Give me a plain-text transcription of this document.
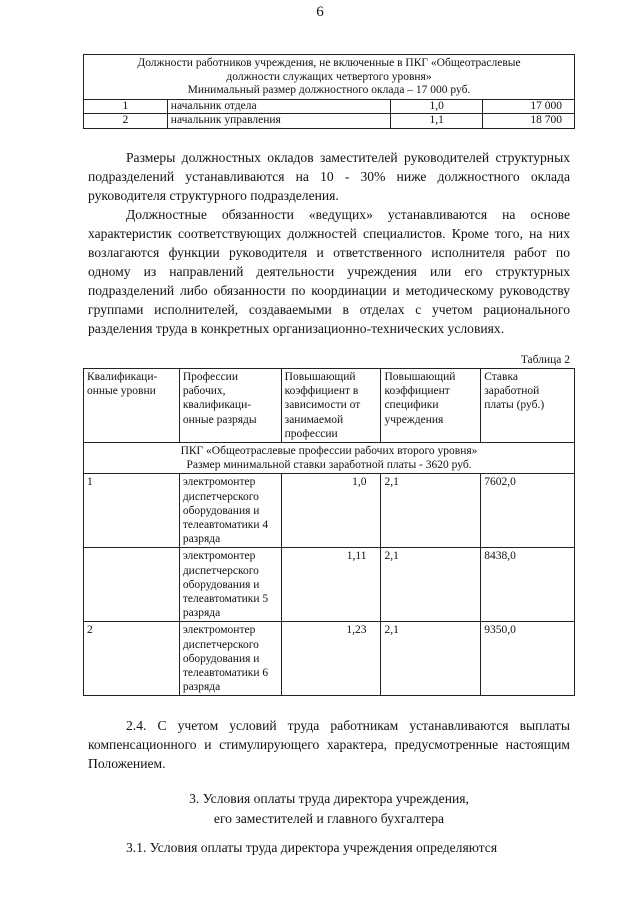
6
Должности работников учреждения, не включенные в ПКГ «Общеотраслевые
должности служащих четвертого уровня»
Минимальный размер должностного оклада – 17 000 руб.			

1	начальник отдела	1,0	17 000
2	начальник управления	1,1	18 700

Размеры должностных окладов заместителей руководителей структурных подразделений устанавливаются на 10 - 30% ниже должностного оклада руководителя структурного подразделения.

Должностные обязанности «ведущих» устанавливаются на основе характеристик соответствующих должностей специалистов. Кроме того, на них возлагаются функции руководителя и ответственного исполнителя работ по одному из направлений деятельности учреждения или его структурных подразделений либо обязанности по координации и методическому руководству группами исполнителей, создаваемыми в отделах с учетом рационального разделения труда в конкретных организационно-технических условиях.

Таблица 2
Квалификаци-онные уровни	Профессии рабочих, квалификаци-онные разряды	Повышающий коэффициент в зависимости от занимаемой профессии	Повышающий коэффициент специфики учреждения	Ставка заработной платы (руб.)

ПКГ «Общеотраслевые профессии рабочих второго уровня»
Размер минимальной ставки заработной платы - 3620 руб.				

1	электромонтер диспетчерского оборудования и телеавтоматики 4 разряда	1,0	2,1	7602,0
	электромонтер диспетчерского оборудования и телеавтоматики 5 разряда	1,11	2,1	8438,0
2	электромонтер диспетчерского оборудования и телеавтоматики 6 разряда	1,23	2,1	9350,0

2.4. С учетом условий труда работникам устанавливаются выплаты компенсационного и стимулирующего характера, предусмотренные настоящим Положением.

3. Условия оплаты труда директора учреждения,
его заместителей и главного бухгалтера

3.1. Условия оплаты труда директора учреждения определяются
